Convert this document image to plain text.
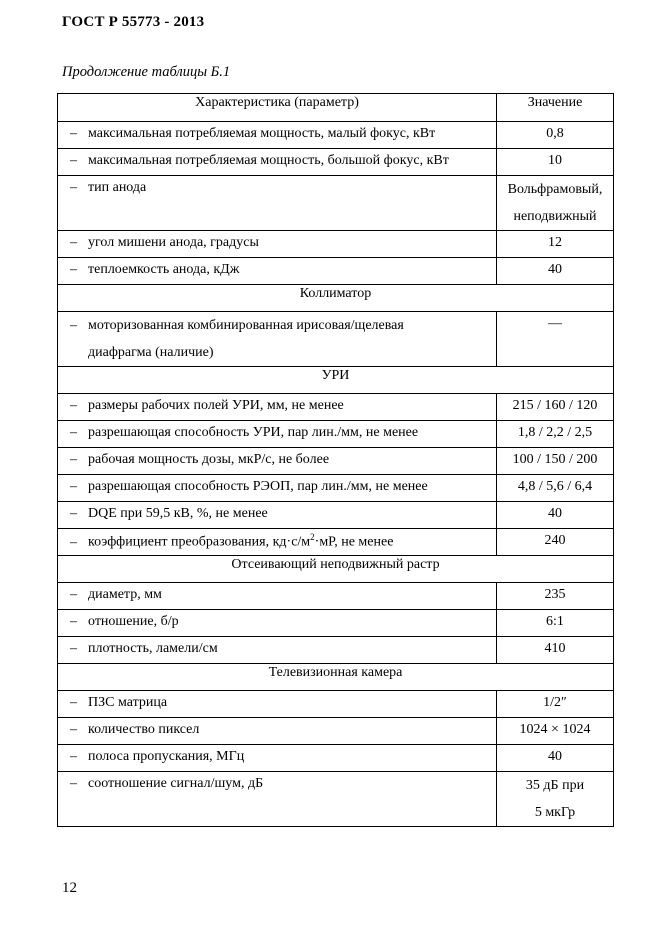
ГОСТ Р 55773 - 2013
Продолжение таблицы Б.1
Характеристика (параметр)	Значение
– максимальная потребляемая мощность, малый фокус, кВт	0,8
– максимальная потребляемая мощность, большой фокус, кВт	10
– тип анода	Вольфрамовый,
неподвижный
– угол мишени анода, градусы	12
– теплоемкость анода, кДж	40
Коллиматор	
– моторизованная комбинированная ирисовая/щелевая
диафрагма (наличие)	—
УРИ	
– размеры рабочих полей УРИ, мм, не менее	215 / 160 / 120
– разрешающая способность УРИ, пар лин./мм, не менее	1,8 / 2,2 / 2,5
– рабочая мощность дозы, мкР/с, не более	100 / 150 / 200
– разрешающая способность РЭОП, пар лин./мм, не менее	4,8 / 5,6 / 6,4
– DQE при 59,5 кВ, %, не менее	40
– коэффициент преобразования, $кд\cdot с/м^2\cdot мР$, не менее	240
Отсеивающий неподвижный растр	
– диаметр, мм	235
– отношение, б/р	6:1
– плотность, ламели/см	410
Телевизионная камера	
– ПЗС матрица	1/2″
– количество пиксел	1024 × 1024
– полоса пропускания, МГц	40
– соотношение сигнал/шум, дБ	35 дБ при
5 мкГр
12
